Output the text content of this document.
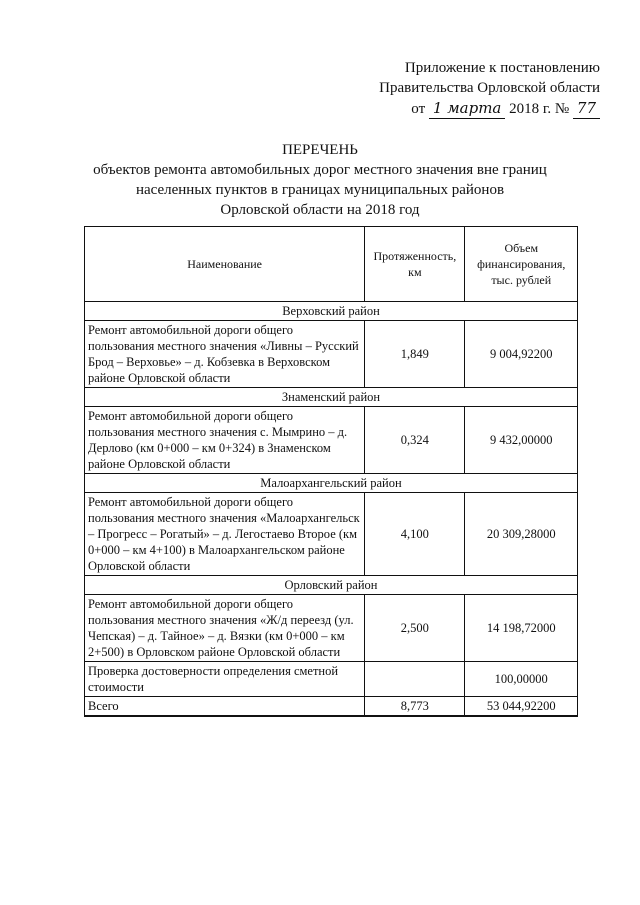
Приложение к постановлению
Правительства Орловской области
от 1 марта 2018 г. № 77
ПЕРЕЧЕНЬ
объектов ремонта автомобильных дорог местного значения вне границ
населенных пунктов в границах муниципальных районов
Орловской области на 2018 год
Наименование	Протяженность, км	Объем финансирования, тыс. рублей
Верховский район		
Ремонт автомобильной дороги общего пользования местного значения «Ливны – Русский Брод – Верховье» – д. Кобзевка в Верховском районе Орловской области	1,849	9 004,92200
Знаменский район		
Ремонт автомобильной дороги общего пользования местного значения с. Мымрино – д. Дерлово (км 0+000 – км 0+324) в Знаменском районе Орловской области	0,324	9 432,00000
Малоархангельский район		
Ремонт автомобильной дороги общего пользования местного значения «Малоархангельск – Прогресс – Рогатый» – д. Легостаево Второе (км 0+000 – км 4+100) в Малоархангельском районе Орловской области	4,100	20 309,28000
Орловский район		
Ремонт автомобильной дороги общего пользования местного значения «Ж/д переезд (ул. Чепская) – д. Тайное» – д. Вязки (км 0+000 – км 2+500) в Орловском районе Орловской области	2,500	14 198,72000
Проверка достоверности определения сметной стоимости		100,00000
Всего	8,773	53 044,92200
